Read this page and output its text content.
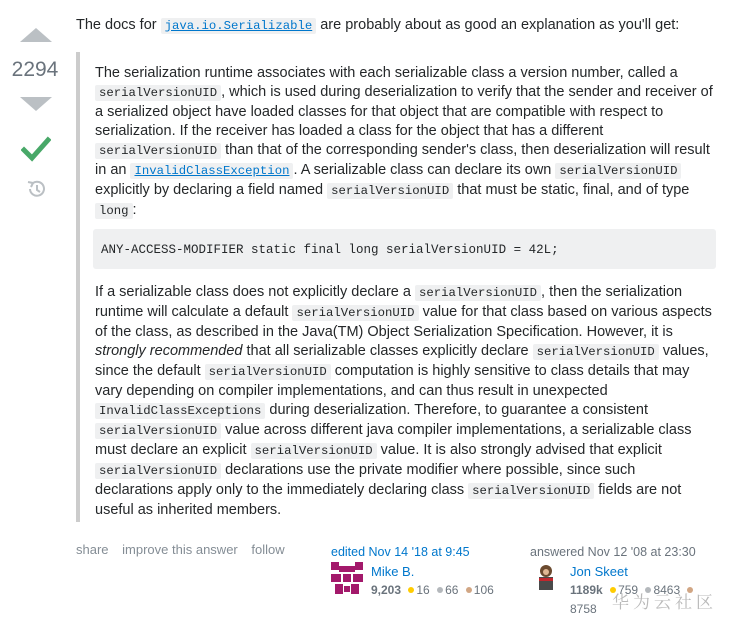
2294

The docs for java.io.Serializable are probably about as good an explanation as you'll get:

The serialization runtime associates with each serializable class a version number, called a serialVersionUID , which is used during deserialization to verify that the sender and receiver of a serialized object have loaded classes for that object that are compatible with respect to serialization. If the receiver has loaded a class for the object that has a different serialVersionUID than that of the corresponding sender's class, then deserialization will result in an InvalidClassException . A serializable class can declare its own serialVersionUID explicitly by declaring a field named serialVersionUID that must be static, final, and of type long :

ANY-ACCESS-MODIFIER static final long serialVersionUID = 42L;

If a serializable class does not explicitly declare a serialVersionUID , then the serialization runtime will calculate a default serialVersionUID value for that class based on various aspects of the class, as described in the Java(TM) Object Serialization Specification. However, it is strongly recommended that all serializable classes explicitly declare serialVersionUID values, since the default serialVersionUID computation is highly sensitive to class details that may vary depending on compiler implementations, and can thus result in unexpected InvalidClassExceptions during deserialization. Therefore, to guarantee a consistent serialVersionUID value across different java compiler implementations, a serializable class must declare an explicit serialVersionUID value. It is also strongly advised that explicit serialVersionUID declarations use the private modifier where possible, since such declarations apply only to the immediately declaring class serialVersionUID fields are not useful as inherited members.

share improve this answer follow	edited Nov 14 '18 at 9:45
Mike B.
9,203 16 66 106
answered Nov 12 '08 at 23:30
Jon Skeet
1189k 759 8463
8758 华为云社区
